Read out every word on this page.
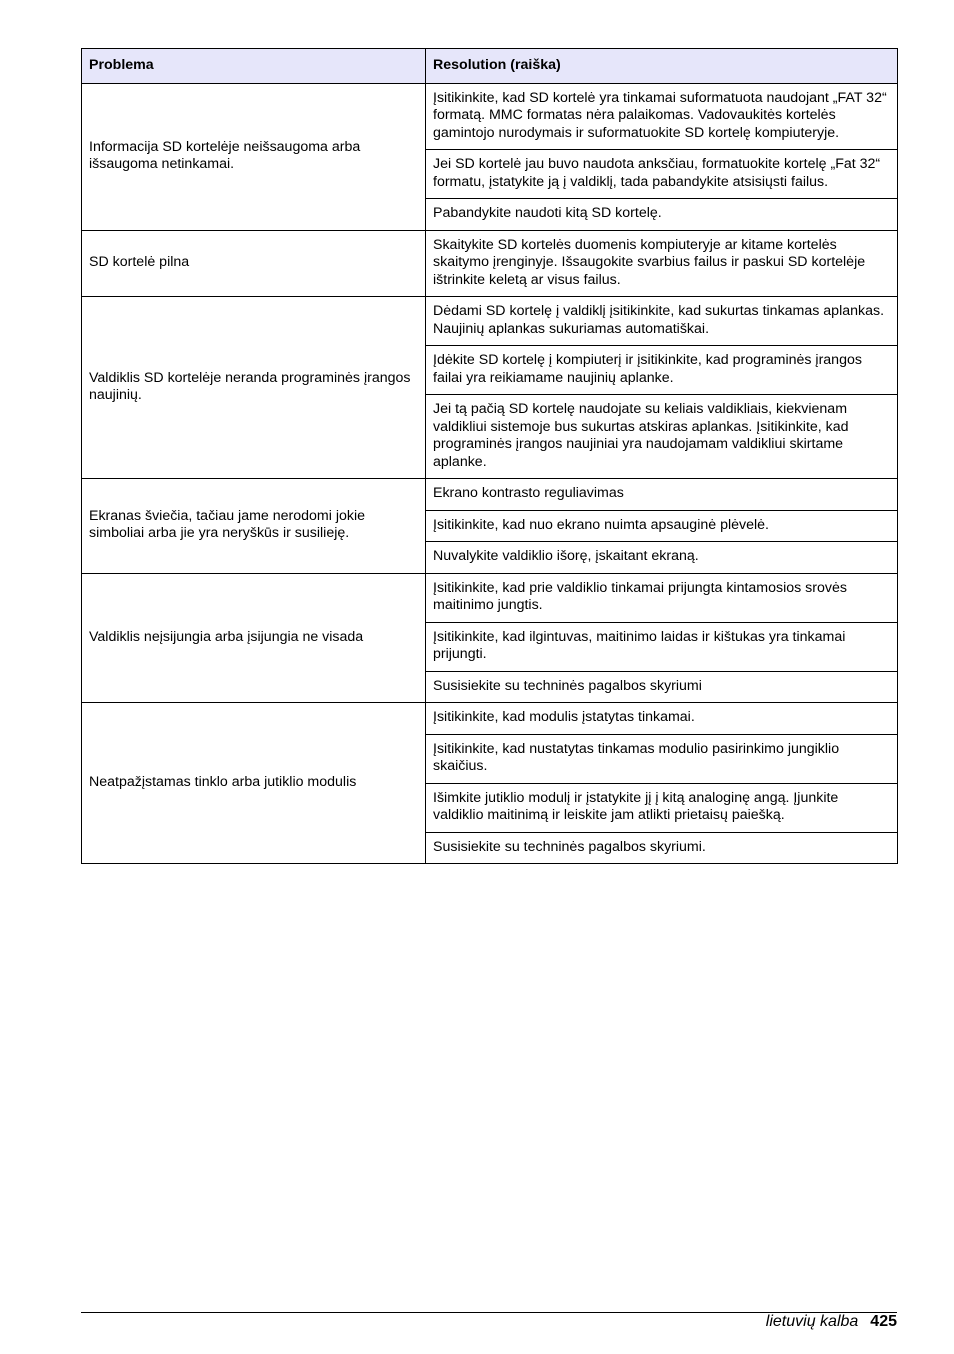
Problema	Resolution (raiška)
Informacija SD kortelėje neišsaugoma arba išsaugoma netinkamai.	Įsitikinkite, kad SD kortelė yra tinkamai suformatuota naudojant „FAT 32“ formatą. MMC formatas nėra palaikomas. Vadovaukitės kortelės gamintojo nurodymais ir suformatuokite SD kortelę kompiuteryje.
	Jei SD kortelė jau buvo naudota anksčiau, formatuokite kortelę „Fat 32“ formatu, įstatykite ją į valdiklį, tada pabandykite atsisiųsti failus.
	Pabandykite naudoti kitą SD kortelę.
SD kortelė pilna	Skaitykite SD kortelės duomenis kompiuteryje ar kitame kortelės skaitymo įrenginyje. Išsaugokite svarbius failus ir paskui SD kortelėje ištrinkite keletą ar visus failus.
Valdiklis SD kortelėje neranda programinės įrangos naujinių.	Dėdami SD kortelę į valdiklį įsitikinkite, kad sukurtas tinkamas aplankas. Naujinių aplankas sukuriamas automatiškai.
	Įdėkite SD kortelę į kompiuterį ir įsitikinkite, kad programinės įrangos failai yra reikiamame naujinių aplanke.
	Jei tą pačią SD kortelę naudojate su keliais valdikliais, kiekvienam valdikliui sistemoje bus sukurtas atskiras aplankas. Įsitikinkite, kad programinės įrangos naujiniai yra naudojamam valdikliui skirtame aplanke.
Ekranas šviečia, tačiau jame nerodomi jokie simboliai arba jie yra neryškūs ir susilieję.	Ekrano kontrasto reguliavimas
	Įsitikinkite, kad nuo ekrano nuimta apsauginė plėvelė.
	Nuvalykite valdiklio išorę, įskaitant ekraną.
Valdiklis neįsijungia arba įsijungia ne visada	Įsitikinkite, kad prie valdiklio tinkamai prijungta kintamosios srovės maitinimo jungtis.
	Įsitikinkite, kad ilgintuvas, maitinimo laidas ir kištukas yra tinkamai prijungti.
	Susisiekite su techninės pagalbos skyriumi
Neatpažįstamas tinklo arba jutiklio modulis	Įsitikinkite, kad modulis įstatytas tinkamai.
	Įsitikinkite, kad nustatytas tinkamas modulio pasirinkimo jungiklio skaičius.
	Išimkite jutiklio modulį ir įstatykite jį į kitą analoginę angą. Įjunkite valdiklio maitinimą ir leiskite jam atlikti prietaisų paiešką.
	Susisiekite su techninės pagalbos skyriumi.
lietuvių kalba 425
